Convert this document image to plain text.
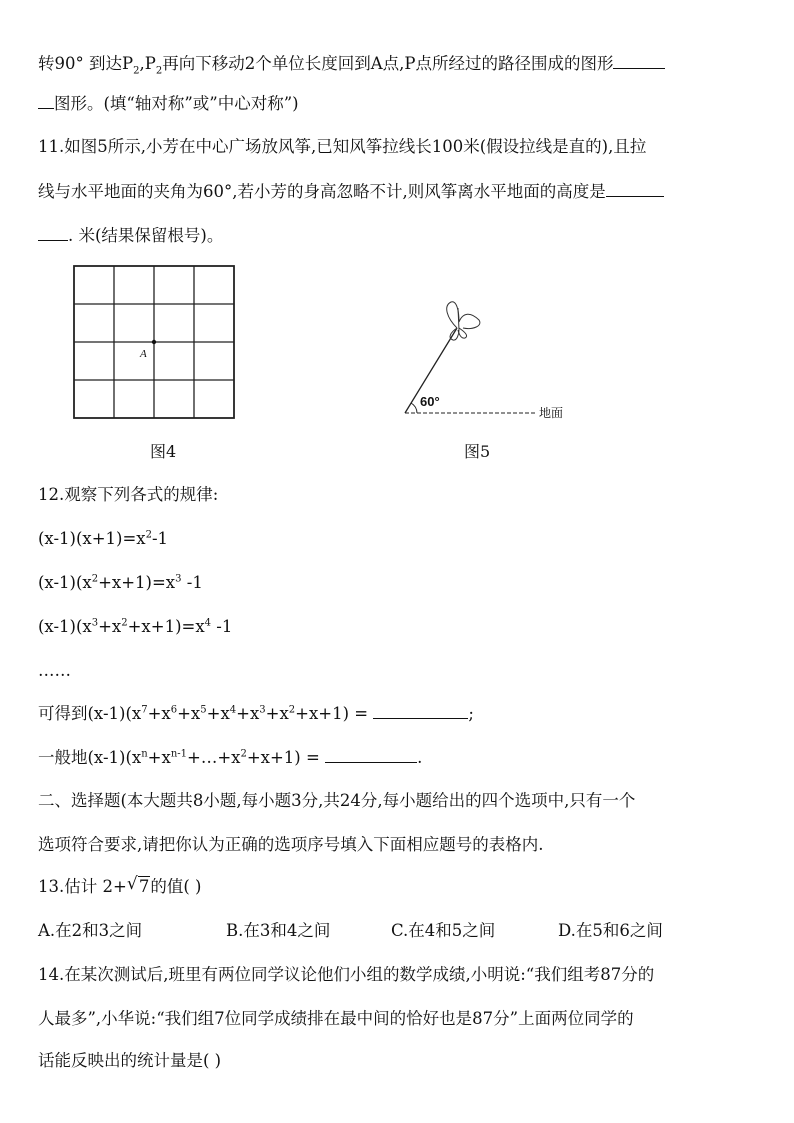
转90° 到达$P_2,P_2$再向下移动2个单位长度回到A点,P点所经过的路径围成的图形
图形。(填“轴对称”或”中心对称”)
11.如图5所示,小芳在中心广场放风筝,已知风筝拉线长100米(假设拉线是直的),且拉
线与水平地面的夹角为60°,若小芳的身高忽略不计,则风筝离水平地面的高度是
. 米(结果保留根号)。
A
图4
60°
地面
图5
12.观察下列各式的规律:
$(x-1)(x+1)=x^2-1$
$(x-1)(x^2+x+1)=x^3$ -1
$(x-1)(x^3+x^2+x+1)=x^4$ -1
……
可得到$(x-1)(x^7+x^6+x^5+x^4+x^3+x^2+x+1)$ =	;
一般地$(x-1)(x^n+x^{n-1}+\dots+x^2+x+1)$ =	.
二、选择题(本大题共8小题,每小题3分,共24分,每小题给出的四个选项中,只有一个
选项符合要求,请把你认为正确的选项序号填入下面相应题号的表格内.
13.估计 2+ √ 7的值( )
A.在2和3之间	B.在3和4之间	C.在4和5之间	D.在5和6之间
14.在某次测试后,班里有两位同学议论他们小组的数学成绩,小明说:“我们组考87分的
人最多”,小华说:“我们组7位同学成绩排在最中间的恰好也是87分”上面两位同学的
话能反映出的统计量是( )
